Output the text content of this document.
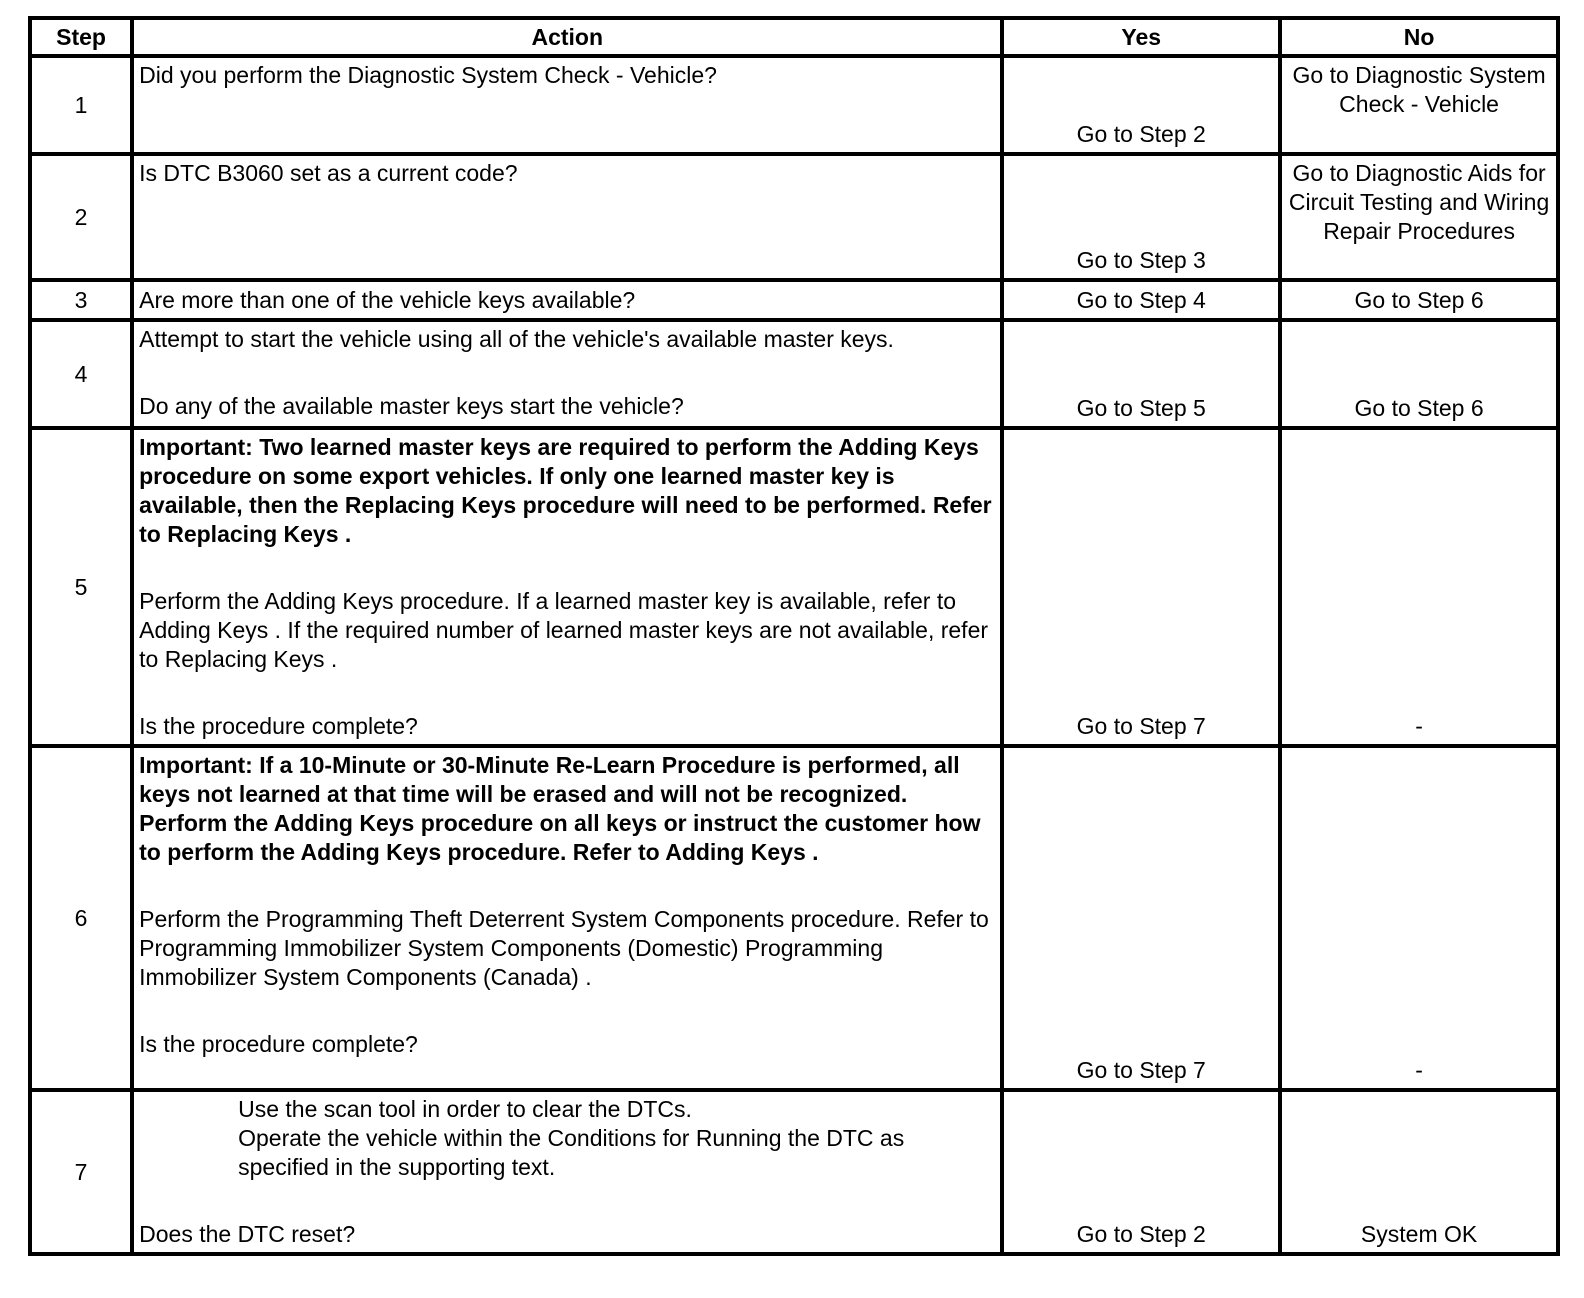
Step	Action	Yes	No
1	Did you perform the Diagnostic System Check - Vehicle?	Go to Step 2	Go to Diagnostic System Check - Vehicle
2	Is DTC B3060 set as a current code?	Go to Step 3	Go to Diagnostic Aids for Circuit Testing and Wiring Repair Procedures
3	Are more than one of the vehicle keys available?	Go to Step 4	Go to Step 6
4	Attempt to start the vehicle using all of the vehicle's available master keys.

Do any of the available master keys start the vehicle?	Go to Step 5	Go to Step 6
5	Important: Two learned master keys are required to perform the Adding Keys procedure on some export vehicles. If only one learned master key is available, then the Replacing Keys procedure will need to be performed. Refer to Replacing Keys .

Perform the Adding Keys procedure. If a learned master key is available, refer to Adding Keys . If the required number of learned master keys are not available, refer to Replacing Keys .

Is the procedure complete?	Go to Step 7	-
6	Important: If a 10-Minute or 30-Minute Re-Learn Procedure is performed, all keys not learned at that time will be erased and will not be recognized. Perform the Adding Keys procedure on all keys or instruct the customer how to perform the Adding Keys procedure. Refer to Adding Keys .

Perform the Programming Theft Deterrent System Components procedure. Refer to Programming Immobilizer System Components (Domestic) Programming Immobilizer System Components (Canada) .

Is the procedure complete?	Go to Step 7	-
7	Use the scan tool in order to clear the DTCs.

Operate the vehicle within the Conditions for Running the DTC as specified in the supporting text.

Does the DTC reset?	Go to Step 2	System OK
